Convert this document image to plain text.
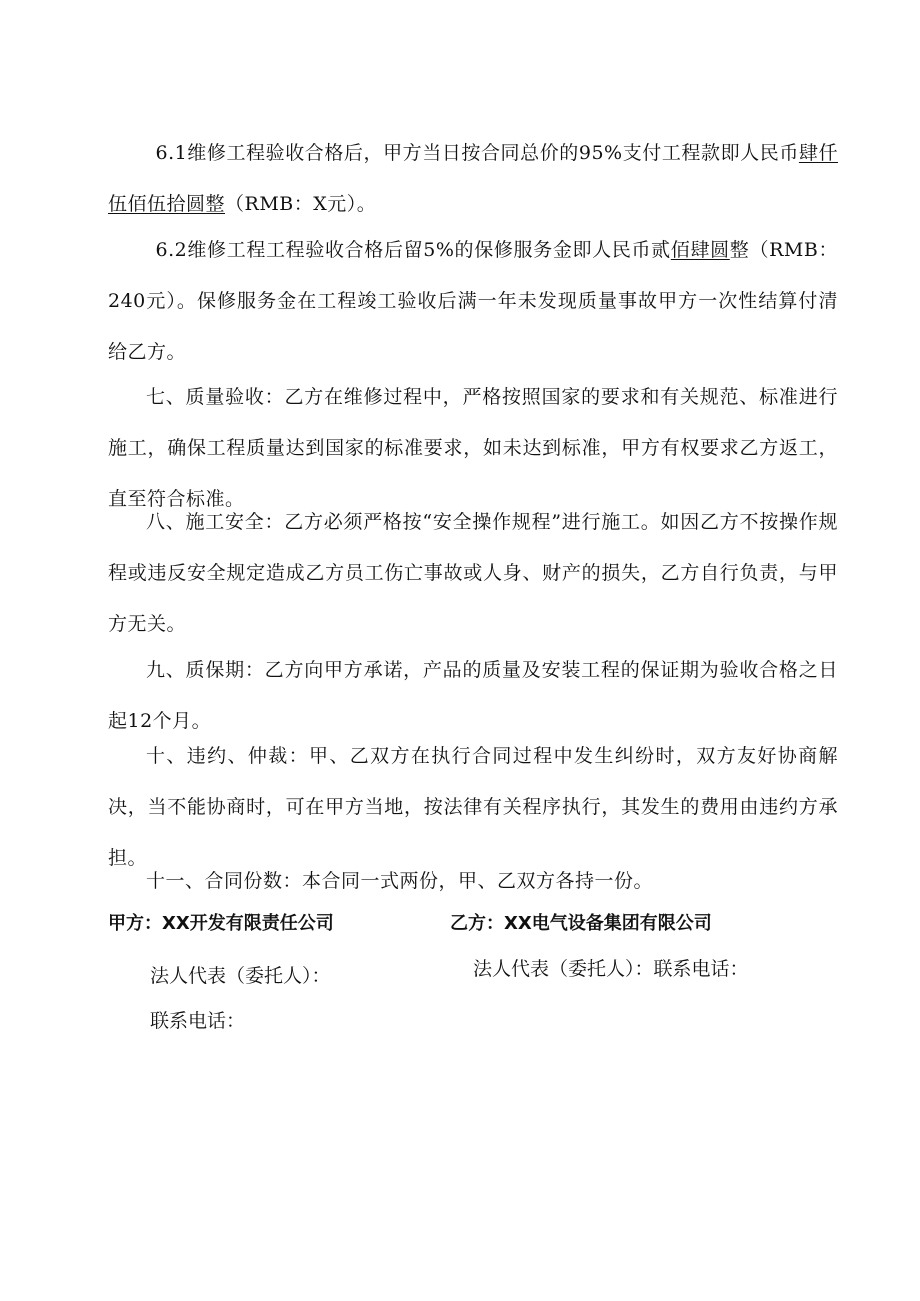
6.1维修工程验收合格后，甲方当日按合同总价的95%支付工程款即人民币肆仟伍佰伍拾圆整（RMB：X元）。

6.2维修工程工程验收合格后留5%的保修服务金即人民币贰佰肆圆整（RMB：240元）。保修服务金在工程竣工验收后满一年未发现质量事故甲方一次性结算付清给乙方。

七、质量验收：乙方在维修过程中，严格按照国家的要求和有关规范、标准进行施工，确保工程质量达到国家的标准要求，如未达到标准，甲方有权要求乙方返工，直至符合标准。

八、施工安全：乙方必须严格按“安全操作规程”进行施工。如因乙方不按操作规程或违反安全规定造成乙方员工伤亡事故或人身、财产的损失，乙方自行负责，与甲方无关。

九、质保期：乙方向甲方承诺，产品的质量及安装工程的保证期为验收合格之日起12个月。

十、违约、仲裁：甲、乙双方在执行合同过程中发生纠纷时，双方友好协商解决，当不能协商时，可在甲方当地，按法律有关程序执行，其发生的费用由违约方承担。

十一、合同份数：本合同一式两份，甲、乙双方各持一份。

甲方：XX开发有限责任公司	乙方：XX电气设备集团有限公司
法人代表（委托人）：	法人代表（委托人）：联系电话：
联系电话：
